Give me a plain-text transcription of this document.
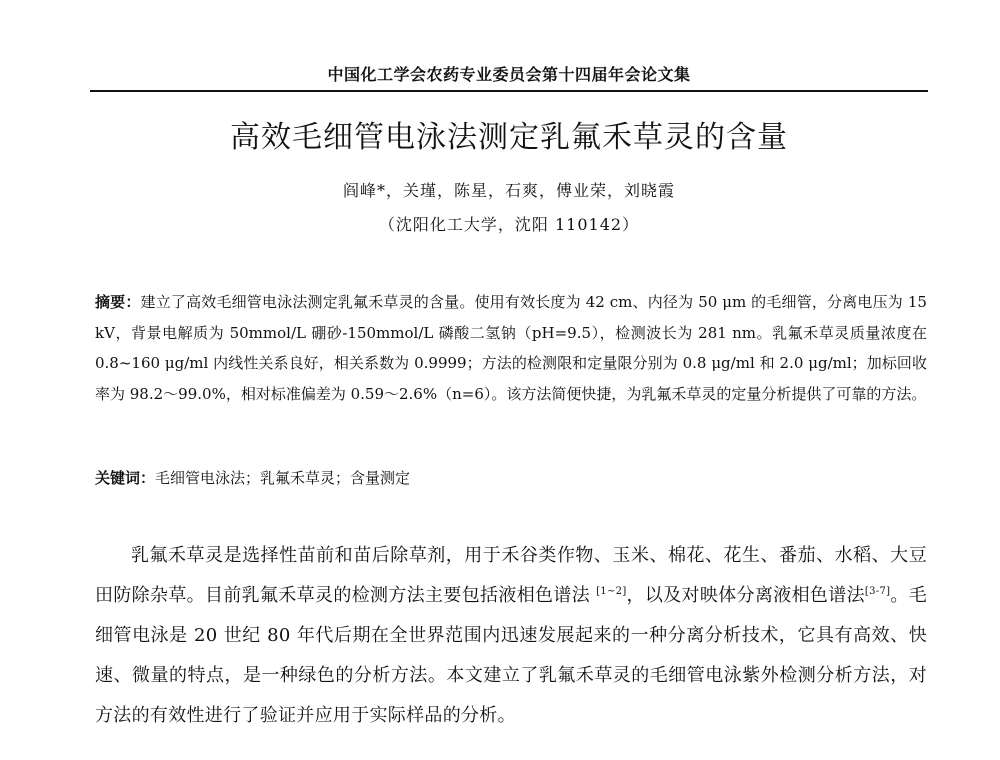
中国化工学会农药专业委员会第十四届年会论文集
高效毛细管电泳法测定乳氟禾草灵的含量
阎峰*，关瑾，陈星，石爽，傅业荣，刘晓霞
（沈阳化工大学，沈阳 110142）
摘要：建立了高效毛细管电泳法测定乳氟禾草灵的含量。使用有效长度为 42 cm、内径为 50 μm 的毛细管，分离电压为 15 kV，背景电解质为 50mmol/L 硼砂-150mmol/L 磷酸二氢钠（pH=9.5），检测波长为 281 nm。乳氟禾草灵质量浓度在 0.8~160 μg/ml 内线性关系良好，相关系数为 0.9999；方法的检测限和定量限分别为 0.8 μg/ml 和 2.0 μg/ml；加标回收率为 98.2～99.0%，相对标准偏差为 0.59～2.6%（n=6）。该方法简便快捷，为乳氟禾草灵的定量分析提供了可靠的方法。
关键词：毛细管电泳法；乳氟禾草灵；含量测定
乳氟禾草灵是选择性苗前和苗后除草剂，用于禾谷类作物、玉米、棉花、花生、番茄、水稻、大豆田防除杂草。目前乳氟禾草灵的检测方法主要包括液相色谱法 [1~2]，以及对映体分离液相色谱法[3-7]。毛细管电泳是 20 世纪 80 年代后期在全世界范围内迅速发展起来的一种分离分析技术，它具有高效、快速、微量的特点，是一种绿色的分析方法。本文建立了乳氟禾草灵的毛细管电泳紫外检测分析方法，对方法的有效性进行了验证并应用于实际样品的分析。
